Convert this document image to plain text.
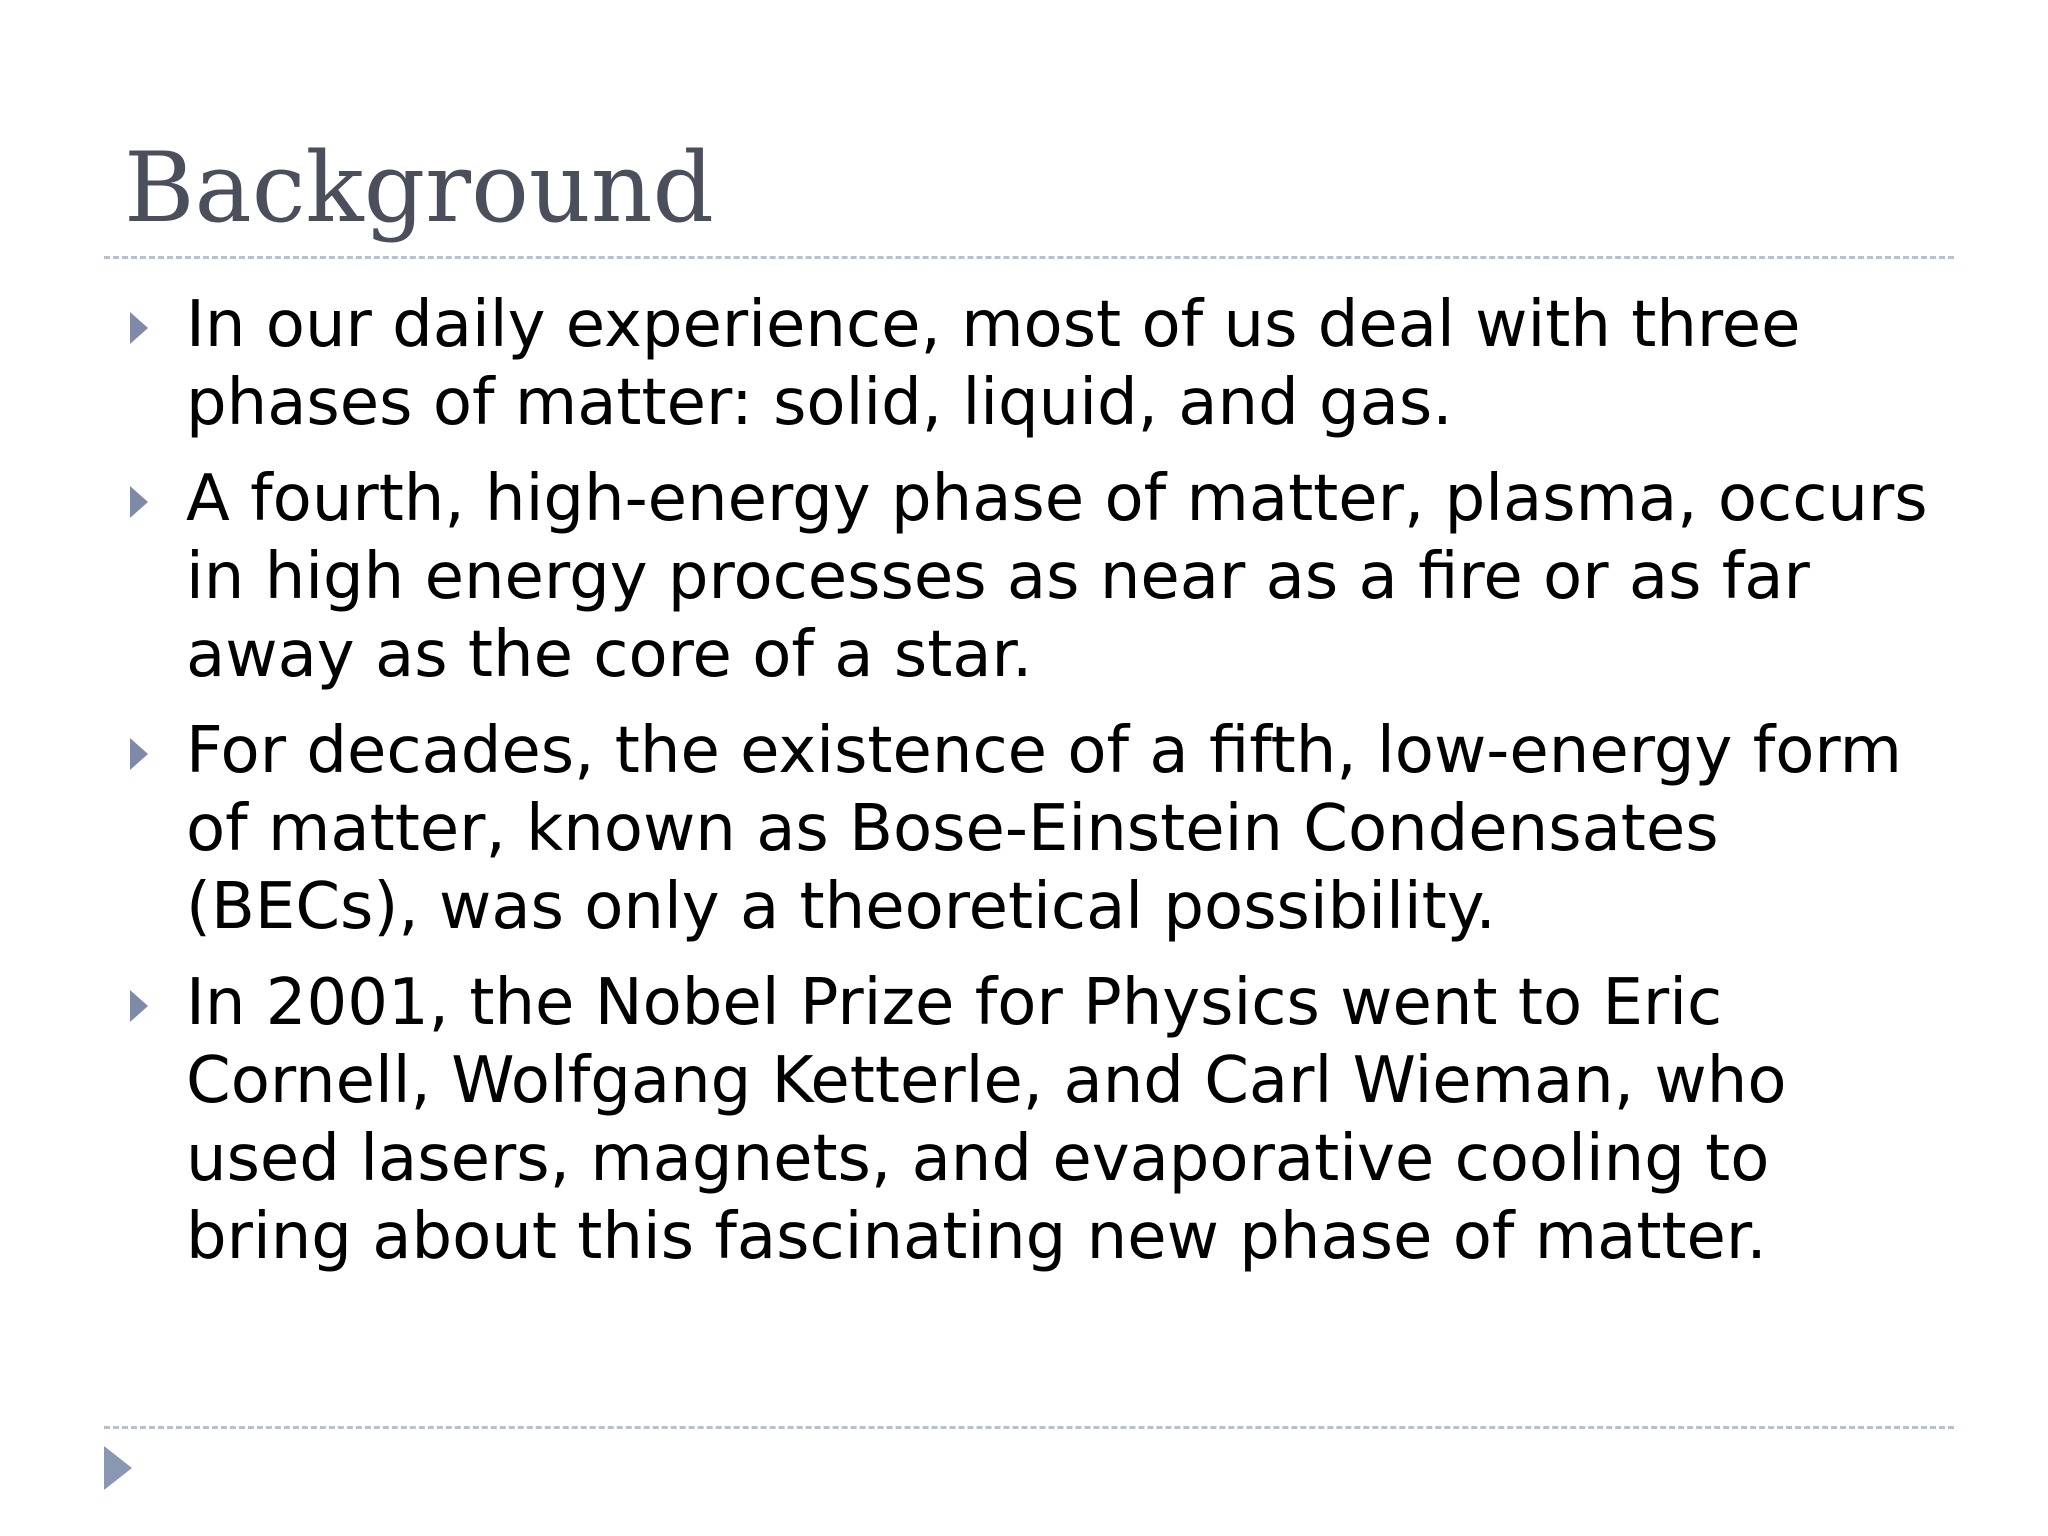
Background
In our daily experience, most of us deal with three phases of matter: solid, liquid, and gas.
A fourth, high-energy phase of matter, plasma, occurs in high energy processes as near as a fire or as far away as the core of a star.
For decades, the existence of a fifth, low-energy form of matter, known as Bose-Einstein Condensates (BECs), was only a theoretical possibility.
In 2001, the Nobel Prize for Physics went to Eric Cornell, Wolfgang Ketterle, and Carl Wieman, who used lasers, magnets, and evaporative cooling to bring about this fascinating new phase of matter.
